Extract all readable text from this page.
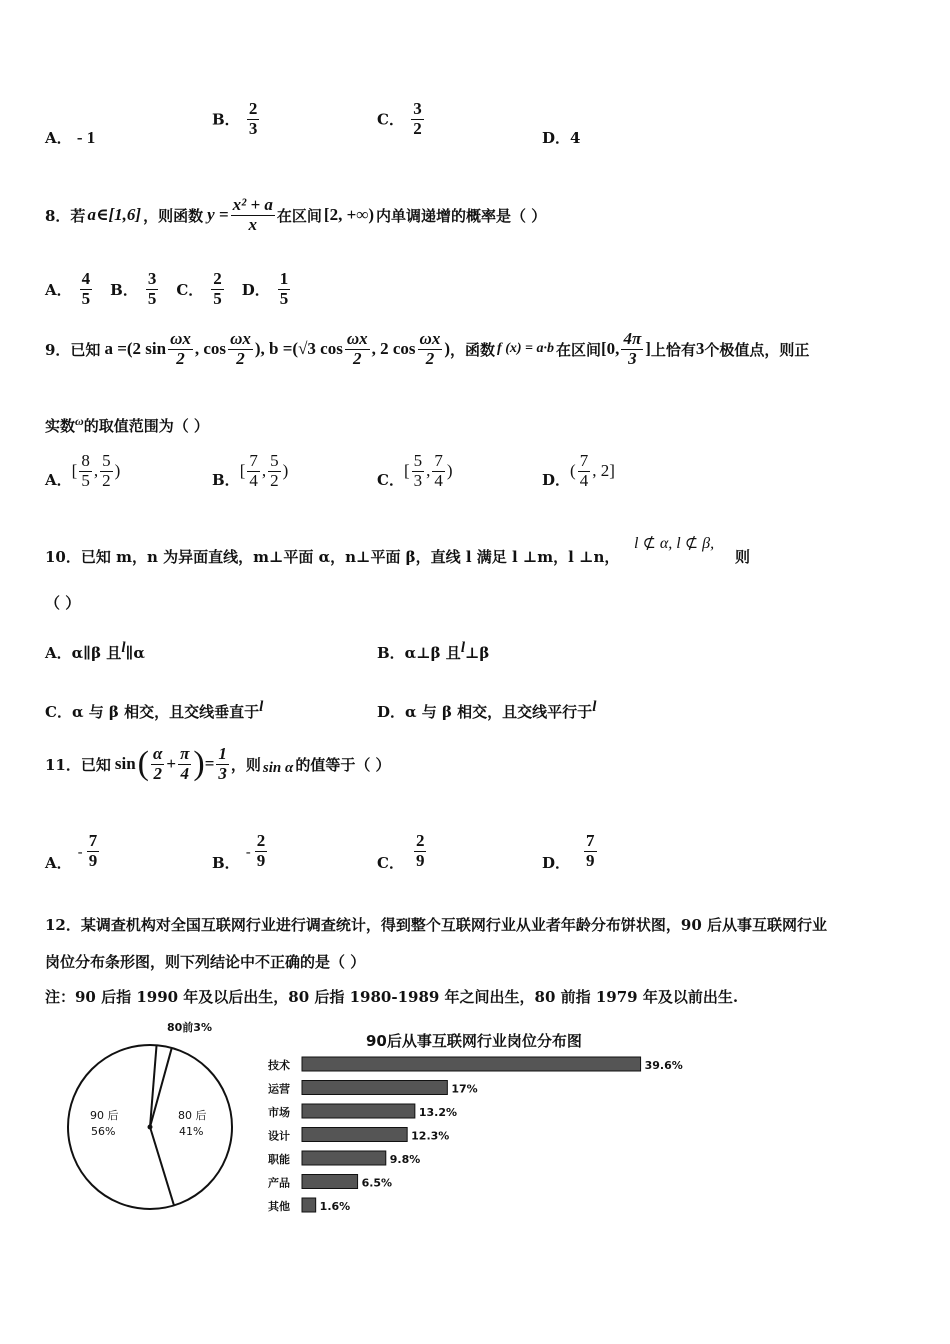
A． - 1
B． $\frac{2}{3}$	C． $\frac{3}{2}$	D．4
8．若 a∈[1,6] ，则函数 $y = \frac{\text{x² + a}}{x}$ 在区间 [2, +∞) 内单调递增的概率是（ ）
A． $\frac{4}{5}$ B． $\frac{3}{5}$ C． $\frac{2}{5}$ D． $\frac{1}{5}$
9．已知 a =(2 $\sin \frac{\omega x}{2}$ , $\cos \frac{\omega x}{2}$ ), b =(√3 $\cos \frac{\omega x}{2}$ , 2 $\cos \frac{\omega x}{2}$ ) ，函数 f (x) = a·b 在区间 [0, $\frac{4\pi}{3}$ ] 上恰有 3 个极值点，则正
实数$^\omega$的取值范围为（ ）
A．
[ $\frac{8}{5}$ , $\frac{5}{2}$ )
B．
[ $\frac{7}{4}$ , $\frac{5}{2}$ )
C．
[ $\frac{5}{3}$ , $\frac{7}{4}$ )
D．
( $\frac{7}{4}$ , 2]
10．已知 m，n 为异面直线，m⊥平面 α，n⊥平面 β，直线 l 满足 l ⊥m，l ⊥n，
l ⊄ α, l ⊄ β,
则
（ ）
A．α∥β 且$^l$∥α	B．α⊥β 且$^l$⊥β
C．α 与 β 相交，且交线垂直于$^l$	D．α 与 β 相交，且交线平行于$^l$
11．已知 sin ( $\frac{\alpha}{2} + \frac{\pi}{4}$ ) = $\frac{1}{3}$ ，则 sin α 的值等于（ ）
A．
- $\frac{7}{9}$	B．
- $\frac{2}{9}$	C． $\frac{2}{9}$	D． $\frac{7}{9}$
12．某调查机构对全国互联网行业进行调查统计，得到整个互联网行业从业者年龄分布饼状图，90 后从事互联网行业
岗位分布条形图，则下列结论中不正确的是（ ）
注：90 后指 1990 年及以后出生，80 后指 1980-1989 年之间出生，80 前指 1979 年及以前出生.
80前3%
80 后
41%
90 后
56%
90后从事互联网行业岗位分布图
技术	39.6%
运营	17%
市场	13.2%
设计	12.3%
职能	9.8%
产品	6.5%
其他	1.6%
